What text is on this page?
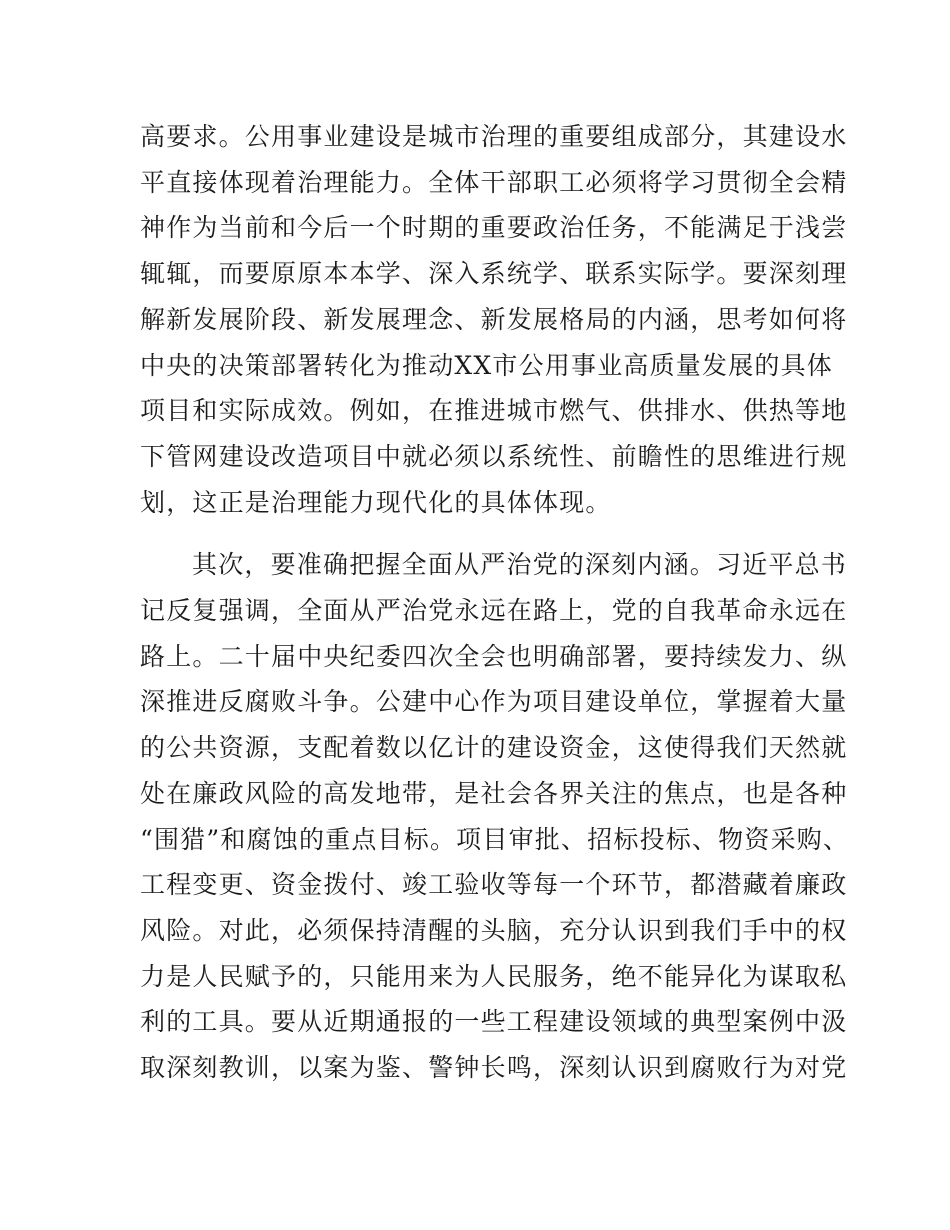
高要求。公用事业建设是城市治理的重要组成部分，其建设水
平直接体现着治理能力。全体干部职工必须将学习贯彻全会精
神作为当前和今后一个时期的重要政治任务，不能满足于浅尝
辄辄，而要原原本本学、深入系统学、联系实际学。要深刻理
解新发展阶段、新发展理念、新发展格局的内涵，思考如何将
中央的决策部署转化为推动XX市公用事业高质量发展的具体
项目和实际成效。例如，在推进城市燃气、供排水、供热等地
下管网建设改造项目中就必须以系统性、前瞻性的思维进行规
划，这正是治理能力现代化的具体体现。

其次，要准确把握全面从严治党的深刻内涵。习近平总书
记反复强调，全面从严治党永远在路上，党的自我革命永远在
路上。二十届中央纪委四次全会也明确部署，要持续发力、纵
深推进反腐败斗争。公建中心作为项目建设单位，掌握着大量
的公共资源，支配着数以亿计的建设资金，这使得我们天然就
处在廉政风险的高发地带，是社会各界关注的焦点，也是各种
“围猎”和腐蚀的重点目标。项目审批、招标投标、物资采购、
工程变更、资金拨付、竣工验收等每一个环节，都潜藏着廉政
风险。对此，必须保持清醒的头脑，充分认识到我们手中的权
力是人民赋予的，只能用来为人民服务，绝不能异化为谋取私
利的工具。要从近期通报的一些工程建设领域的典型案例中汲
取深刻教训，以案为鉴、警钟长鸣，深刻认识到腐败行为对党
